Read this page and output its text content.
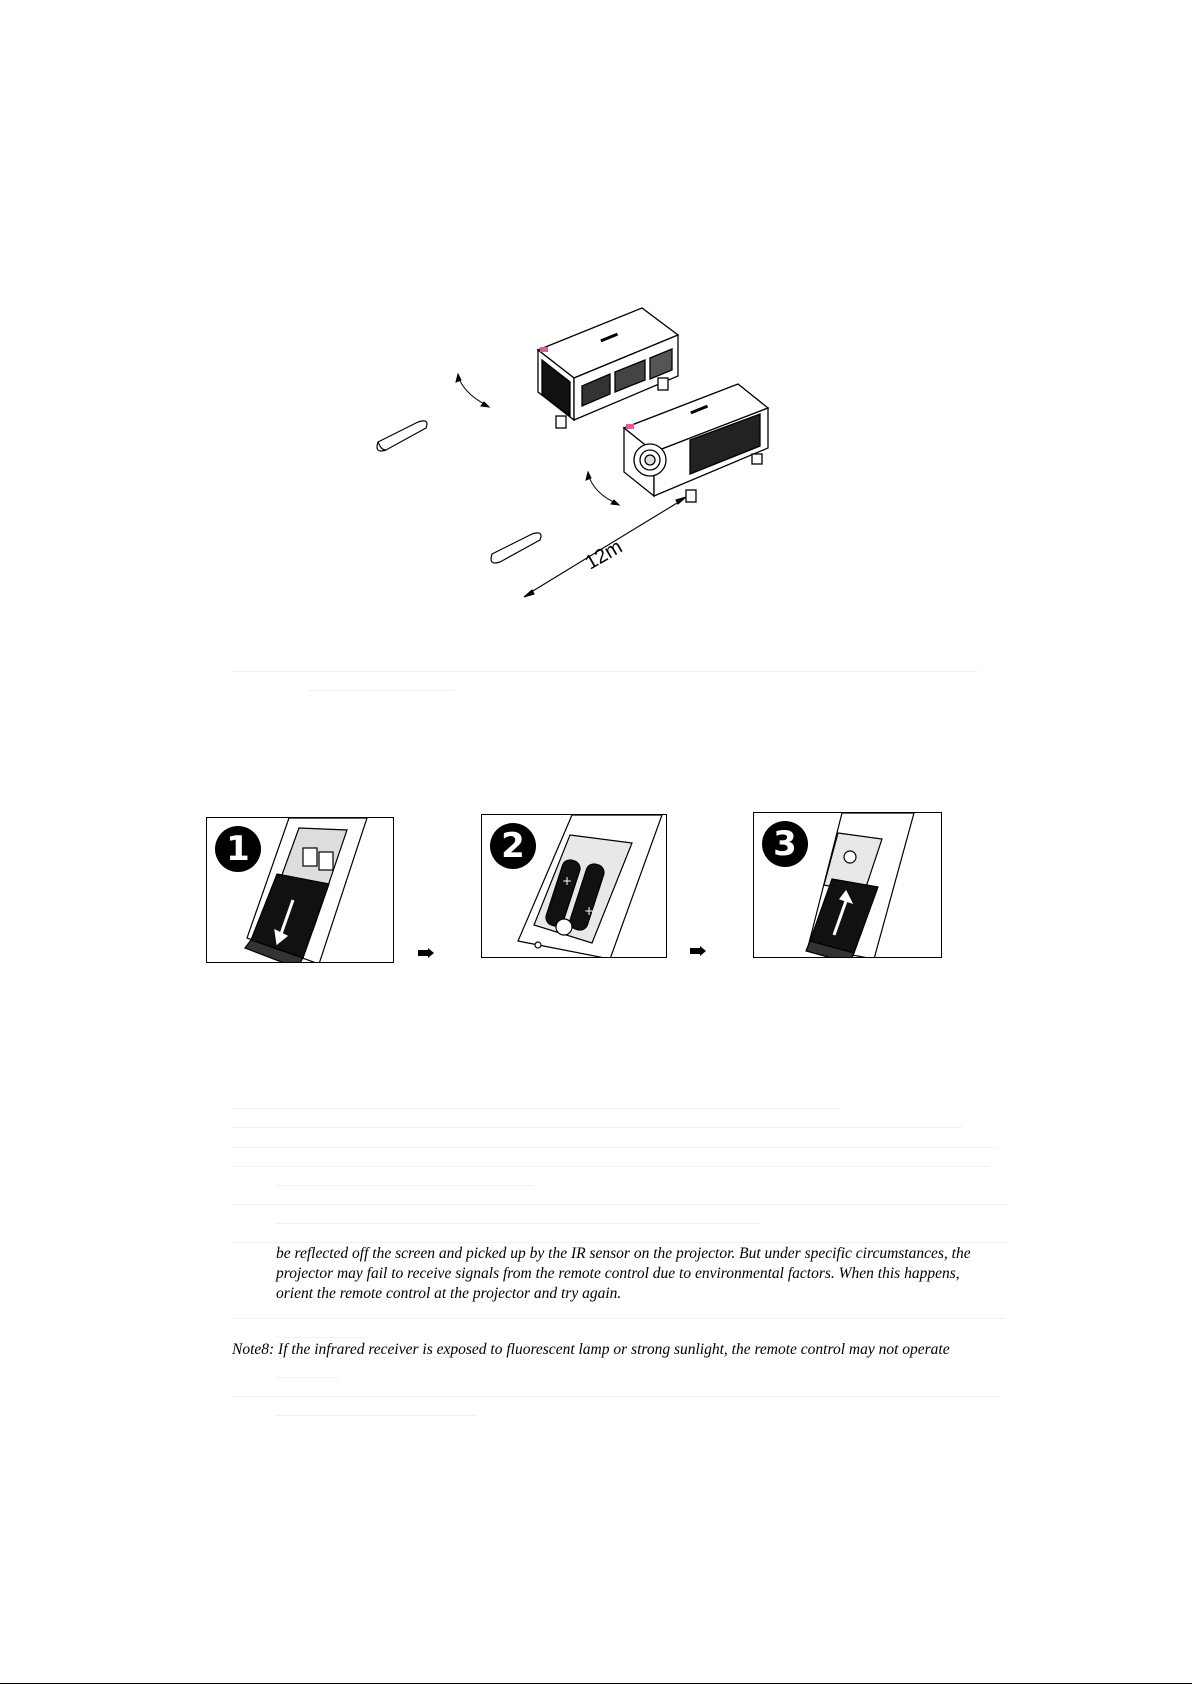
12m
1
+
+
2	3
be reflected off the screen and picked up by the IR sensor on the projector. But under specific circumstances, the
projector may fail to receive signals from the remote control due to environmental factors. When this happens,
orient the remote control at the projector and try again.
Note8: If the infrared receiver is exposed to fluorescent lamp or strong sunlight, the remote control may not operate
